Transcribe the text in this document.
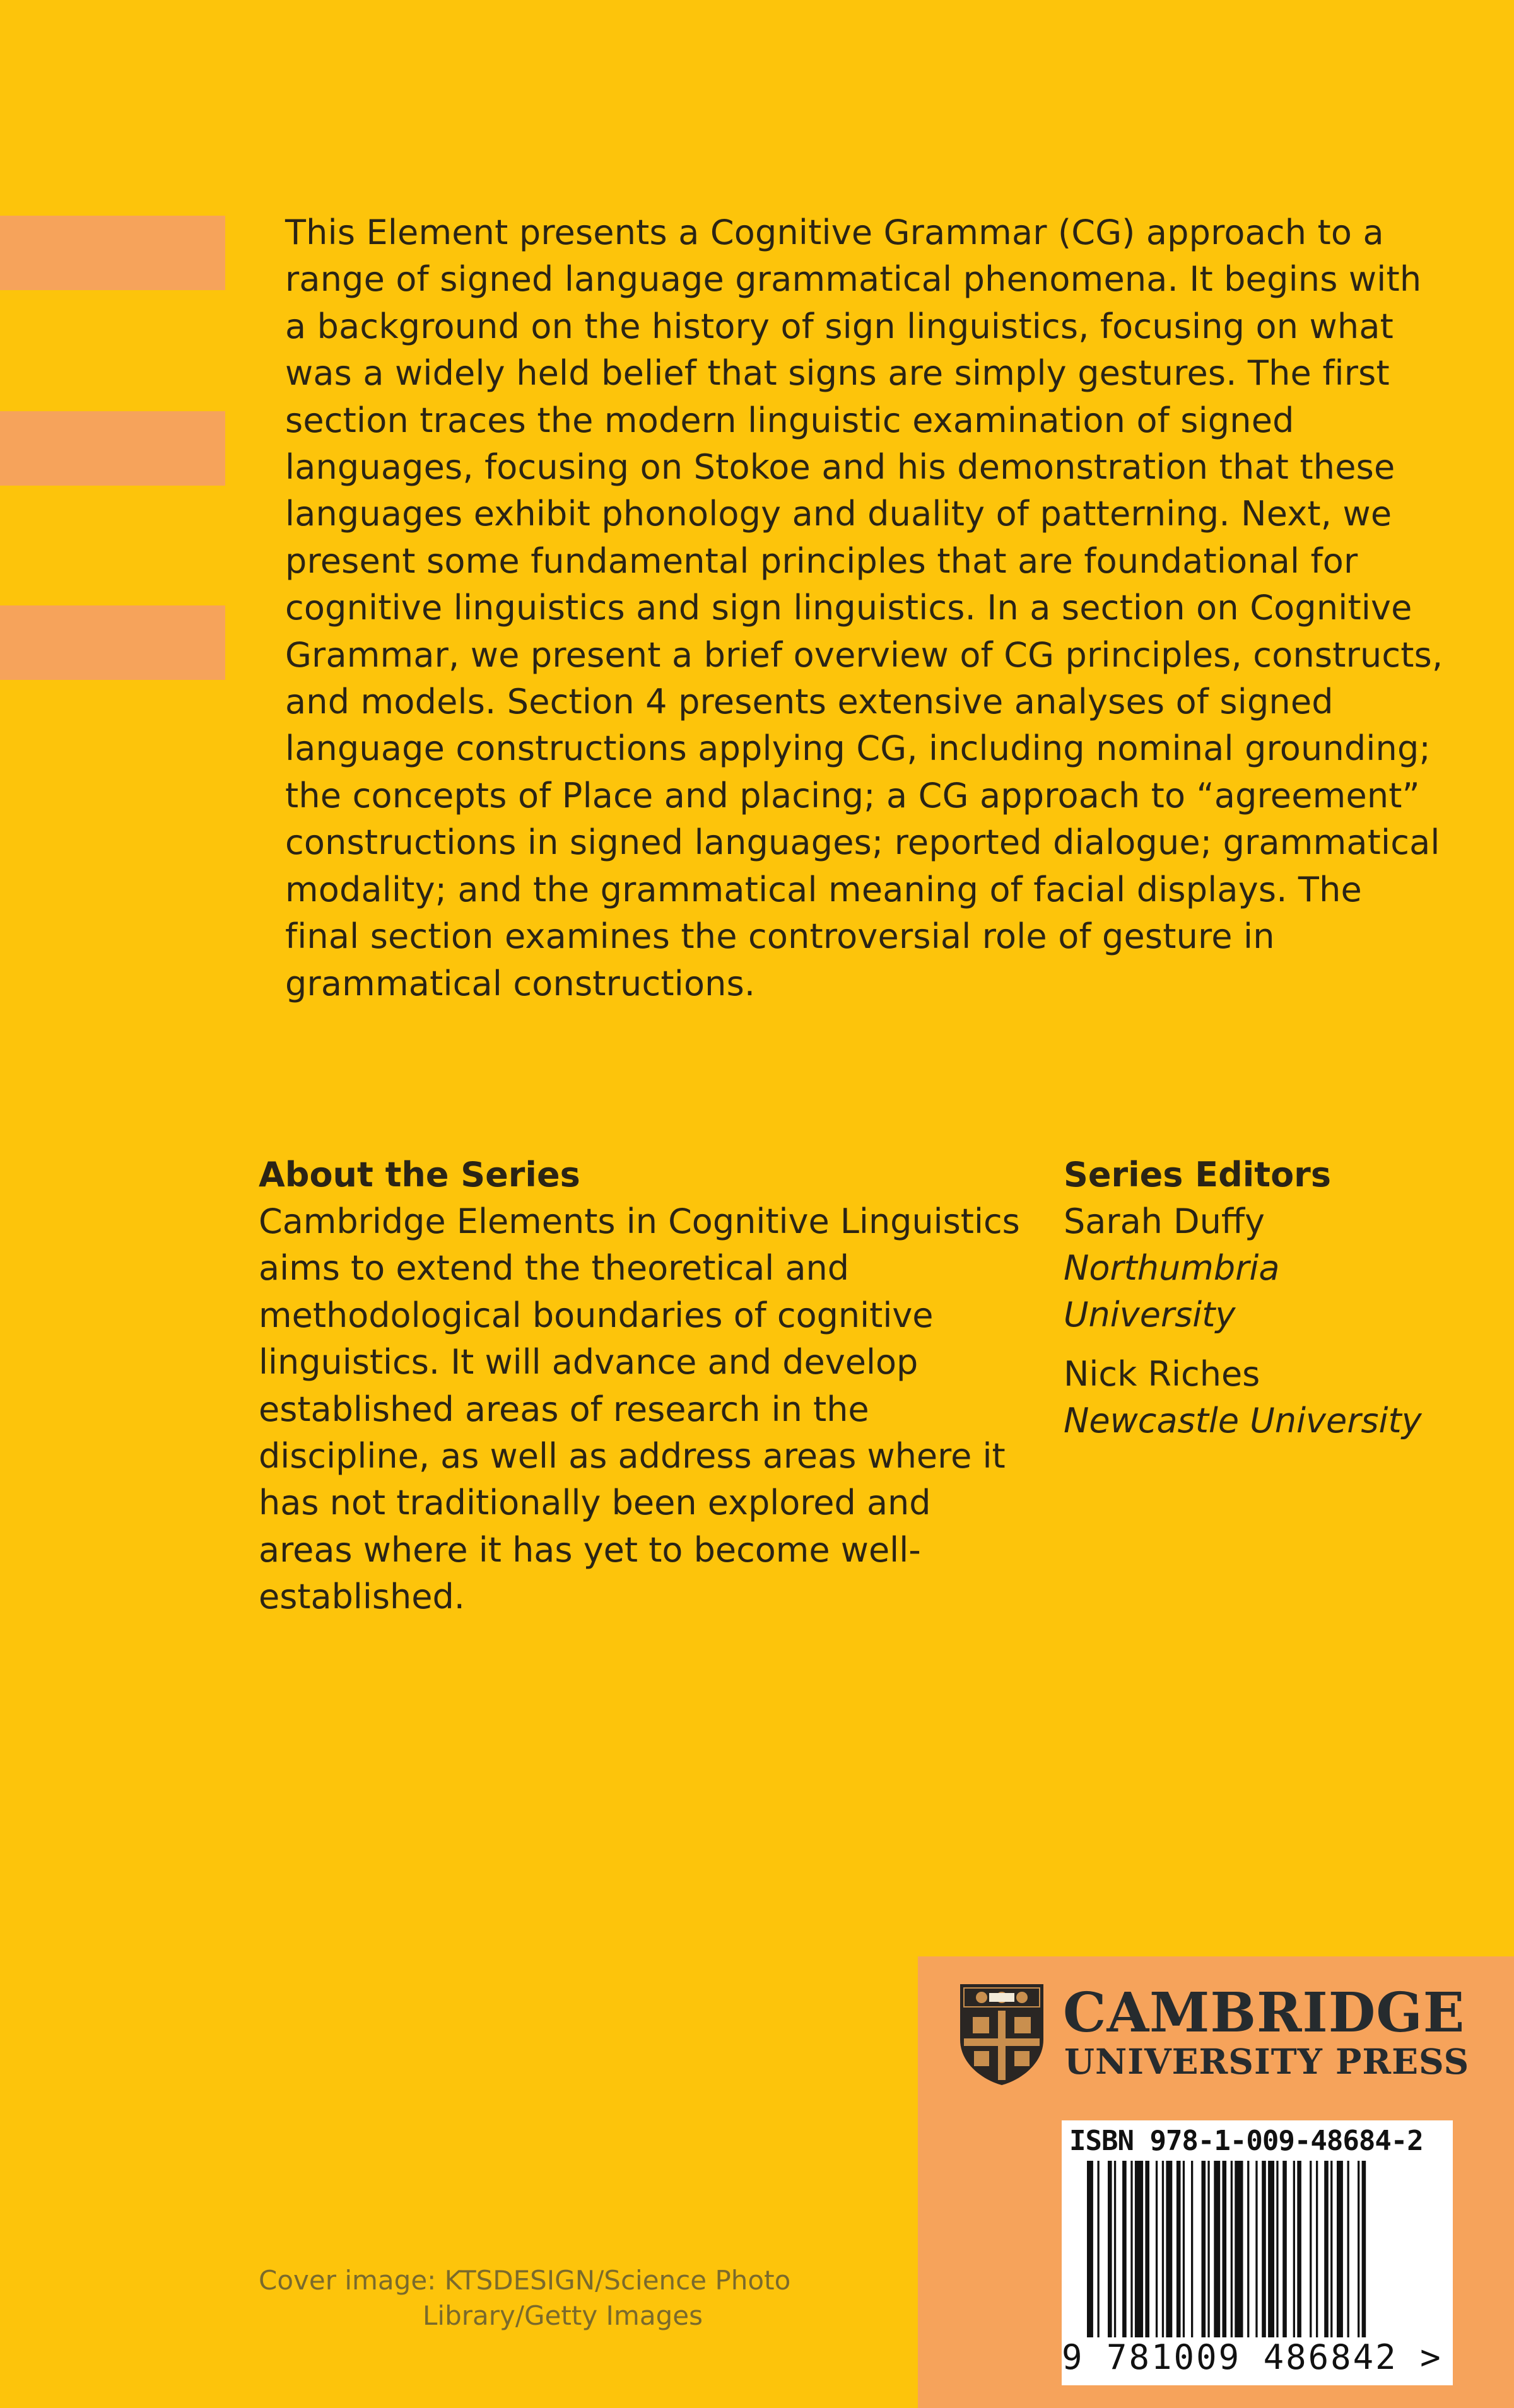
This Element presents a Cognitive Grammar (CG) approach to a range of signed language grammatical phenomena. It begins with a background on the history of sign linguistics, focusing on what was a widely held belief that signs are simply gestures. The first section traces the modern linguistic examination of signed languages, focusing on Stokoe and his demonstration that these languages exhibit phonology and duality of patterning. Next, we present some fundamental principles that are foundational for cognitive linguistics and sign linguistics. In a section on Cognitive Grammar, we present a brief overview of CG principles, constructs, and models. Section 4 presents extensive analyses of signed language constructions applying CG, including nominal grounding; the concepts of Place and placing; a CG approach to “agreement” constructions in signed languages; reported dialogue; grammatical modality; and the grammatical meaning of facial displays. The final section examines the controversial role of gesture in grammatical constructions.

About the Series

Cambridge Elements in Cognitive Linguistics aims to extend the theoretical and methodological boundaries of cognitive linguistics. It will advance and develop established areas of research in the discipline, as well as address areas where it has not traditionally been explored and areas where it has yet to become well-established.

Series Editors

Sarah Duffy

Northumbria University

Nick Riches

Newcastle University

Cover image: KTSDESIGN/Science Photo
Library/Getty Images

CAMBRIDGE

UNIVERSITY PRESS

ISBN 978-1-009-48684-2

9 781009 486842 >
